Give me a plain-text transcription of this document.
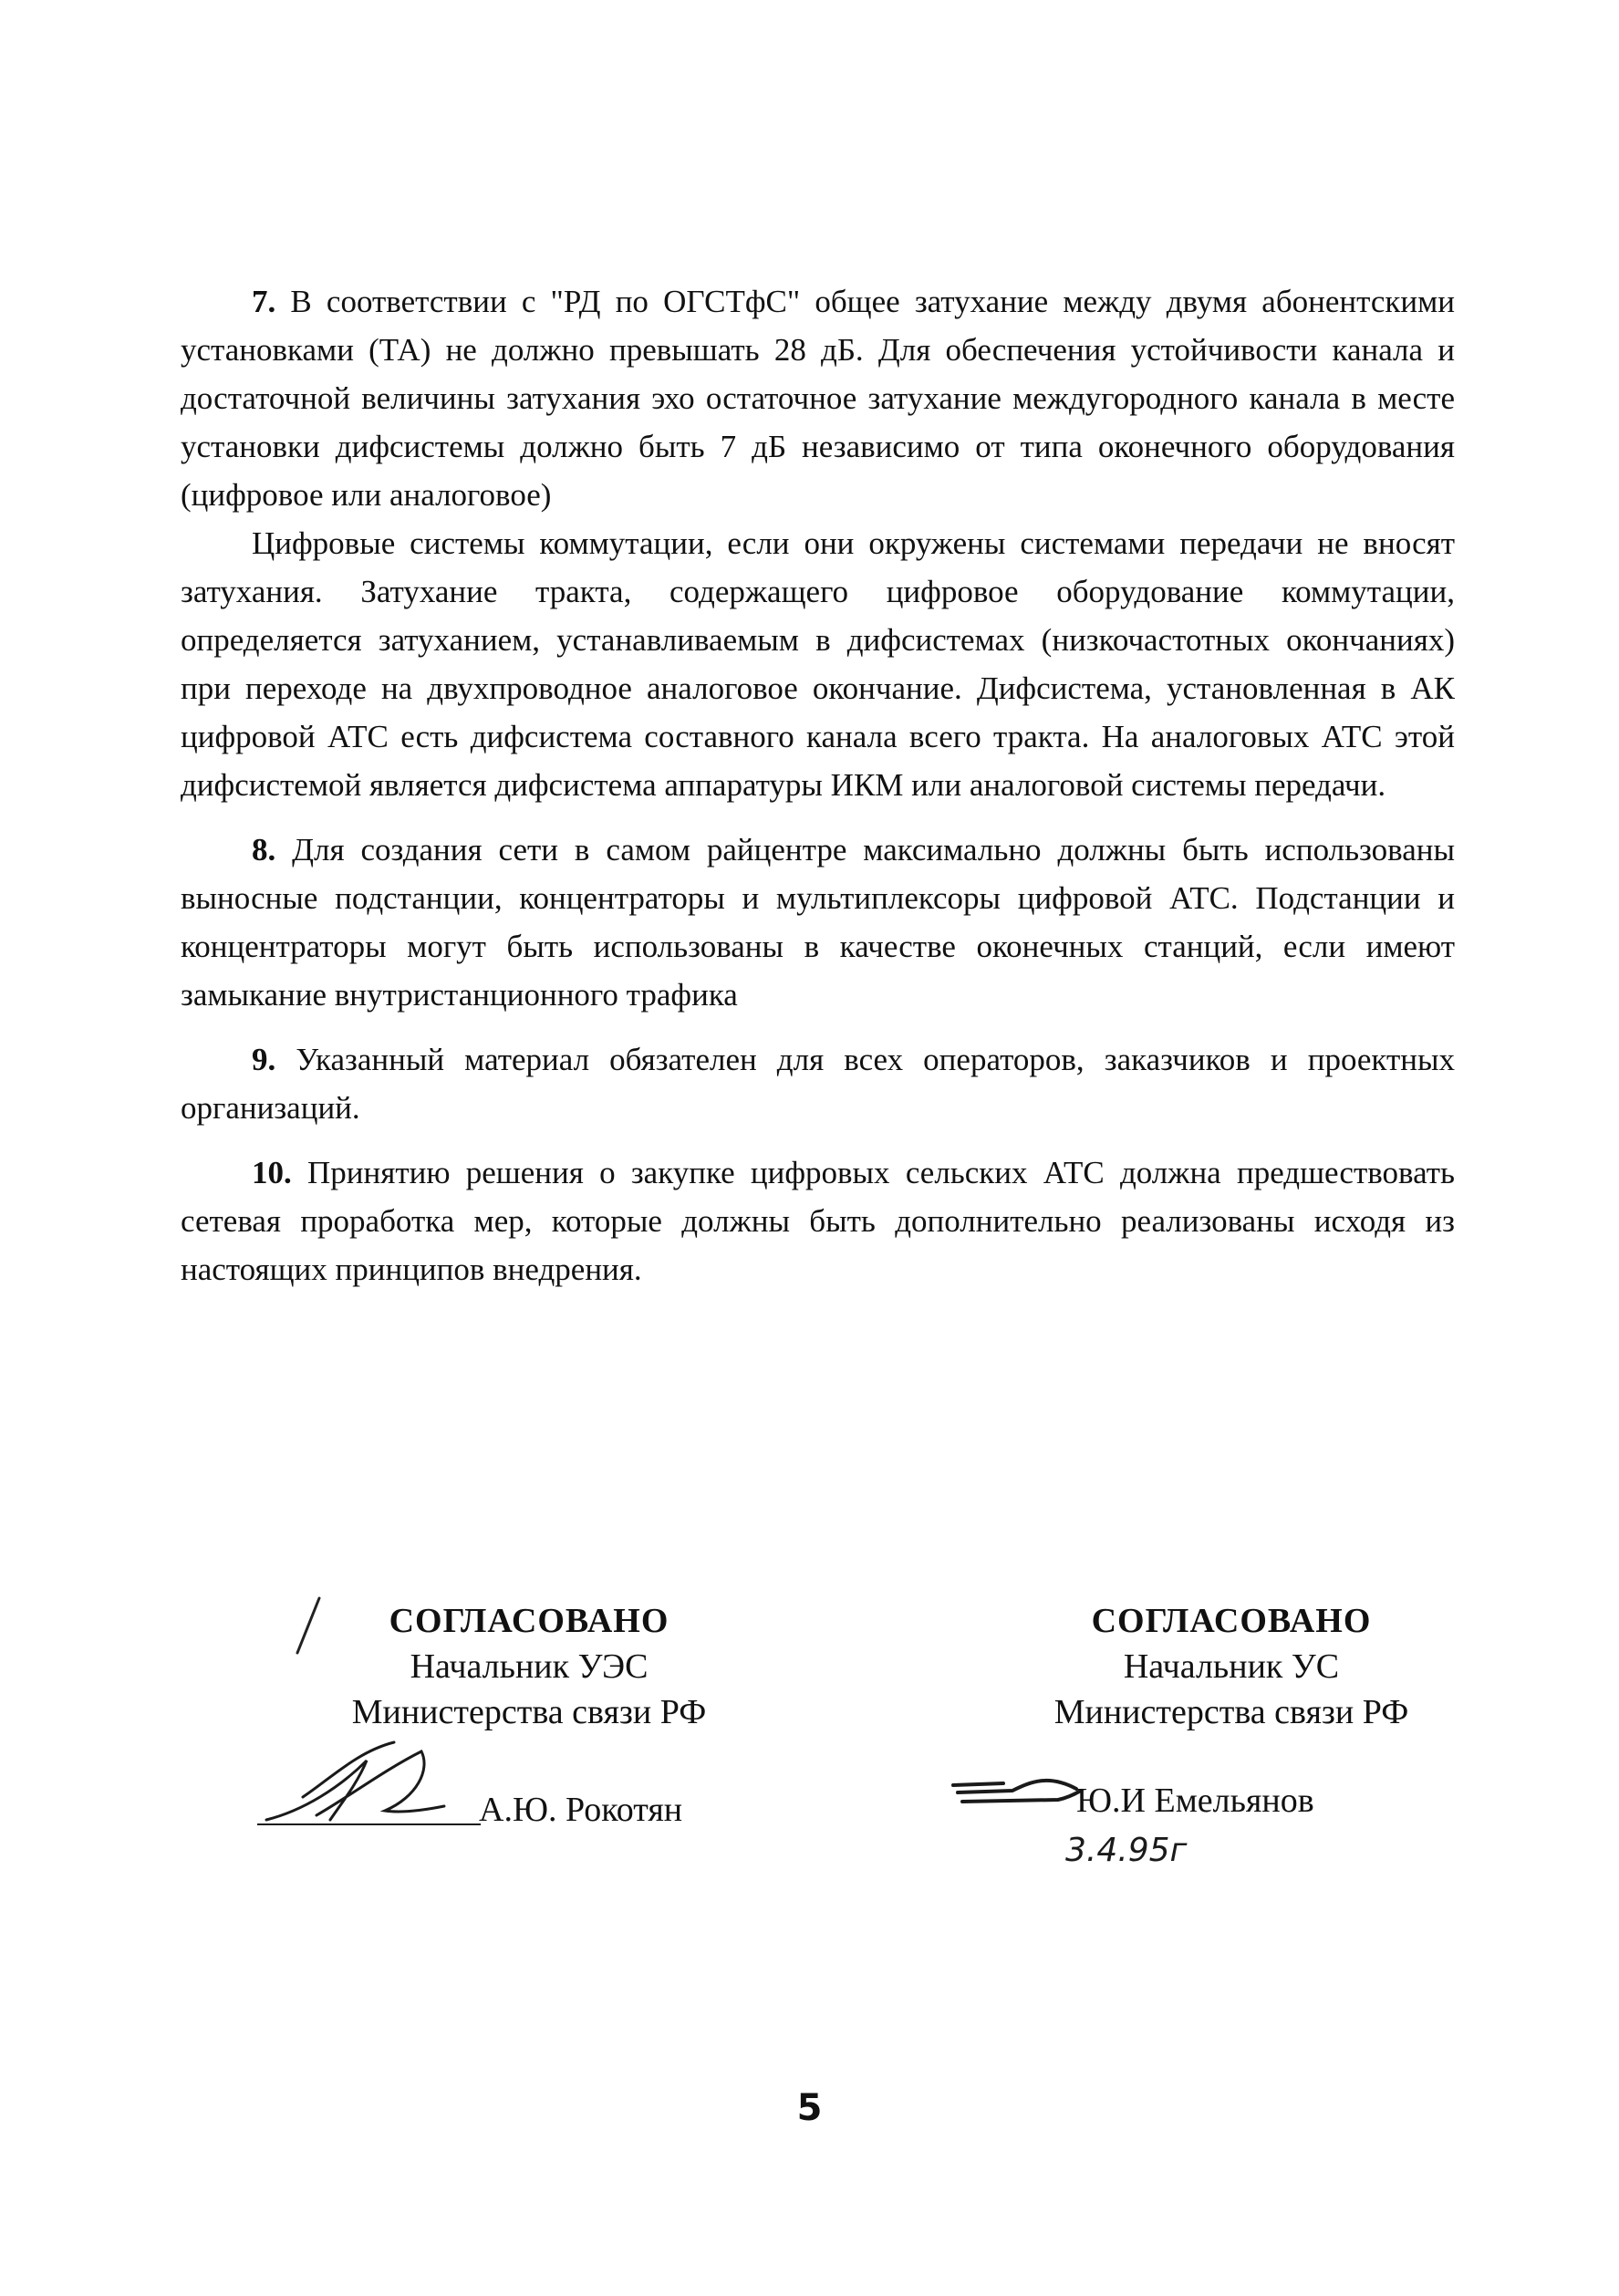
7. В соответствии с "РД по ОГСТфС" общее затухание между двумя абонентскими установками (ТА) не должно превышать 28 дБ. Для обеспечения устойчивости канала и достаточной величины затухания эхо остаточное затухание междугородного канала в месте установки дифсистемы должно быть 7 дБ независимо от типа оконечного оборудования (цифровое или аналоговое)

Цифровые системы коммутации, если они окружены системами передачи не вносят затухания. Затухание тракта, содержащего цифровое оборудование коммутации, определяется затуханием, устанавливаемым в дифсистемах (низкочастотных окончаниях) при переходе на двухпроводное аналоговое окончание. Дифсистема, установленная в АК цифровой АТС есть дифсистема составного канала всего тракта. На аналоговых АТС этой дифсистемой является дифсистема аппаратуры ИКМ или аналоговой системы передачи.

8. Для создания сети в самом райцентре максимально должны быть использованы выносные подстанции, концентраторы и мультиплексоры цифровой АТС. Подстанции и концентраторы могут быть использованы в качестве оконечных станций, если имеют замыкание внутристанционного трафика

9. Указанный материал обязателен для всех операторов, заказчиков и проектных организаций.

10. Принятию решения о закупке цифровых сельских АТС должна предшествовать сетевая проработка мер, которые должны быть дополнительно реализованы исходя из настоящих принципов внедрения.

СОГЛАСОВАНО
Начальник УЭС
Министерства связи РФ
А.Ю. Рокотян
СОГЛАСОВАНО
Начальник УС
Министерства связи РФ
Ю.И Емельянов
3.4.95г
5
